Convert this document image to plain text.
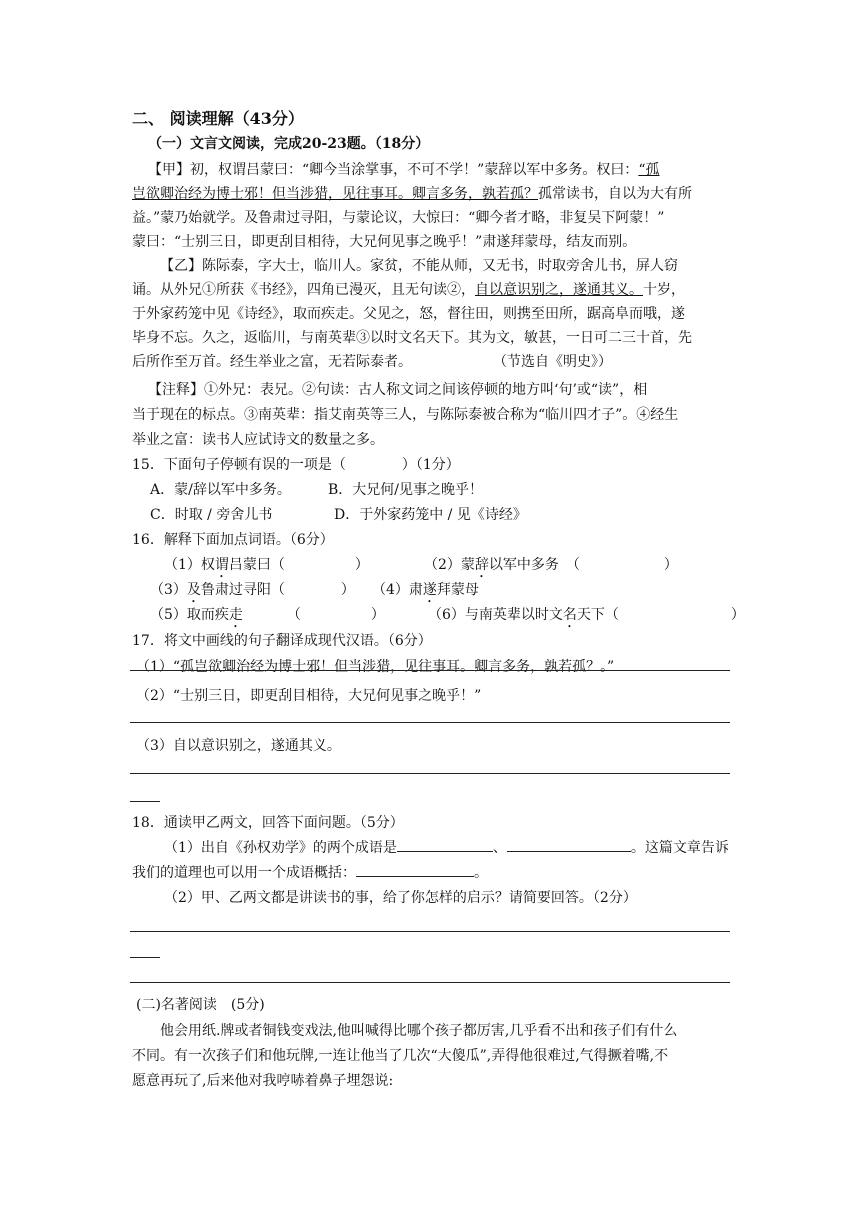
二、 阅读理解（43分）
（一）文言文阅读，完成20-23题。（18分）
【甲】初，权谓吕蒙曰：“卿今当涂掌事，不可不学！”蒙辞以军中多务。权曰：“孤
岂欲卿治经为博士邪！但当涉猎，见往事耳。卿言多务，孰若孤？孤常读书，自以为大有所
益。”蒙乃始就学。及鲁肃过寻阳，与蒙论议，大惊曰：“卿今者才略，非复吴下阿蒙！”
蒙曰：“士别三日，即更刮目相待，大兄何见事之晚乎！”肃遂拜蒙母，结友而别。
【乙】陈际泰，字大士，临川人。家贫，不能从师，又无书，时取旁舍儿书，屏人窃
诵。从外兄①所获《书经》，四角已漫灭，且无句读②，自以意识别之，遂通其义。十岁，
于外家药笼中见《诗经》，取而疾走。父见之，怒，督往田，则携至田所，踞高阜而哦，遂
毕身不忘。久之，返临川，与南英辈③以时文名天下。其为文，敏甚，一日可二三十首，先
后所作至万首。经生举业之富，无若际泰者。	（节选自《明史》）
【注释】①外兄：表兄。②句读：古人称文词之间该停顿的地方叫‘句’或“读”，相
当于现在的标点。③南英辈：指艾南英等三人，与陈际泰被合称为“临川四才子”。④经生
举业之富：读书人应试诗文的数量之多。
15．下面句子停顿有误的一项是（　　　　）（1分）
A．蒙/辞以军中多务。	B．大兄何/见事之晚乎！
C．时取 / 旁舍儿书	D．于外家药笼中 / 见《诗经》
16．解释下面加点词语。（6分）
（1）权谓吕蒙曰（　　　　　）	（2）蒙辞以军中多务　（　　　　　　）
（3）及鲁肃过寻阳（　　　　） （4）肃遂拜蒙母
（5）取而疾走	（　　　　　）	（6）与南英辈以时文名天下（　　　　　　　　）
17．将文中画线的句子翻译成现代汉语。（6分）
（1）“孤岂欲卿治经为博士邪！但当涉猎，见往事耳。卿言多务，孰若孤？。”
（2）“士别三日，即更刮目相待，大兄何见事之晚乎！”
（3）自以意识别之，遂通其义。
18．通读甲乙两文，回答下面问题。（5分）
（1）出自《孙权劝学》的两个成语是	、	。这篇文章告诉
我们的道理也可以用一个成语概括：	。
（2）甲、乙两文都是讲读书的事，给了你怎样的启示？请简要回答。（2分）
(二)名著阅读　(5分)
他会用纸.牌或者铜钱变戏法,他叫喊得比哪个孩子都厉害,几乎看不出和孩子们有什么
不同。有一次孩子们和他玩牌,一连让他当了几次“大傻瓜”,弄得他很难过,气得撅着嘴,不
愿意再玩了,后来他对我哼哧着鼻子埋怨说:
